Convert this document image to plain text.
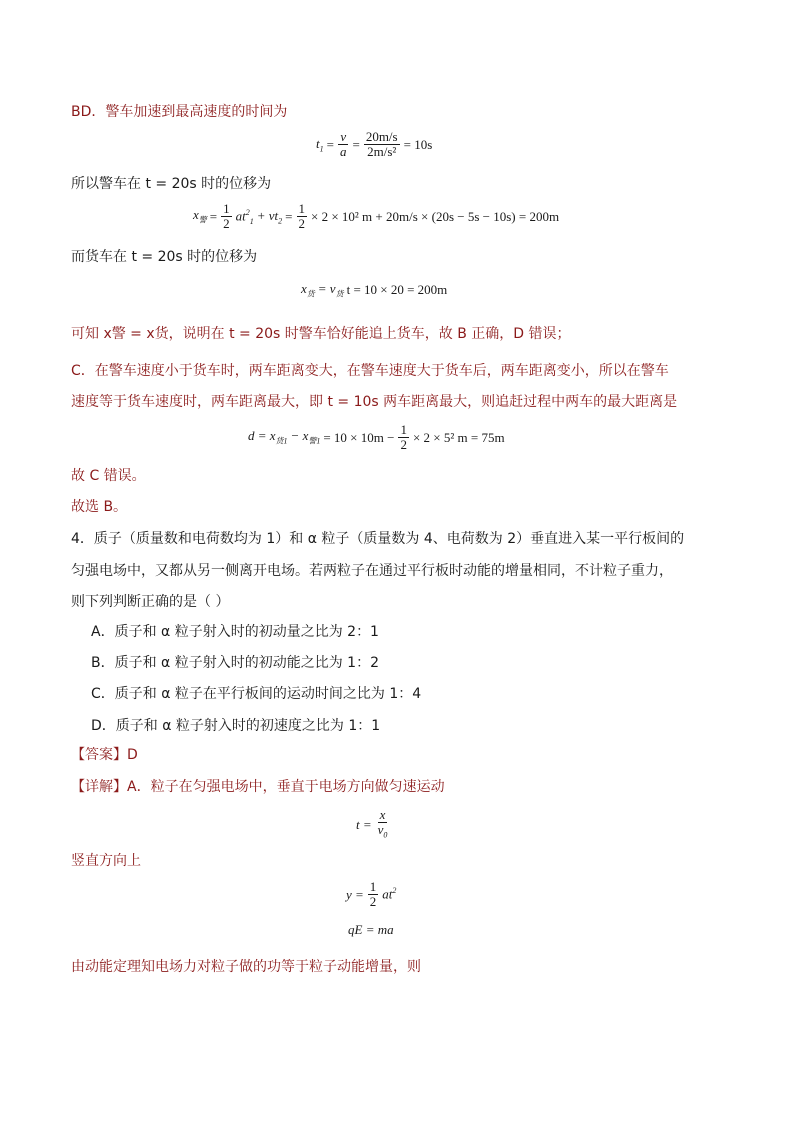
BD．警车加速到最高速度的时间为
$t_1 = \frac{v}{a} = \frac{20m/s}{\text{2m/s²}} = 10s$
所以警车在 t = 20s 时的位移为
$x_警 = \frac{1}{2} at^2_1 + vt_2 = \frac{1}{2} \times 2 \times 10^2$ m + 20m/s × (20s − 5s − 10s) = 200m
而货车在 t = 20s 时的位移为
$x_货 = v_货$ t = 10 × 20 = 200m
可知 x警 = x货，说明在 t = 20s 时警车恰好能追上货车，故 B 正确，D 错误；
C．在警车速度小于货车时，两车距离变大，在警车速度大于货车后，两车距离变小，所以在警车
速度等于货车速度时，两车距离最大，即 t = 10s 两车距离最大，则追赶过程中两车的最大距离是
$d = x_{货1} - x_{警1} = 10 \times 10m - \frac{1}{2} \times 2 \times 5^2$ m = 75m
故 C 错误。
故选 B。
4．质子（质量数和电荷数均为 1）和 α 粒子（质量数为 4、电荷数为 2）垂直进入某一平行板间的
匀强电场中，又都从另一侧离开电场。若两粒子在通过平行板时动能的增量相同，不计粒子重力，
则下列判断正确的是（ ）
A．质子和 α 粒子射入时的初动量之比为 2：1
B．质子和 α 粒子射入时的初动能之比为 1：2
C．质子和 α 粒子在平行板间的运动时间之比为 1：4
D．质子和 α 粒子射入时的初速度之比为 1：1
【答案】D
【详解】A．粒子在匀强电场中，垂直于电场方向做匀速运动
$t = \frac{x}{v_0}$
竖直方向上
$y = \frac{1}{2} at^2$
qE = ma
由动能定理知电场力对粒子做的功等于粒子动能增量，则
